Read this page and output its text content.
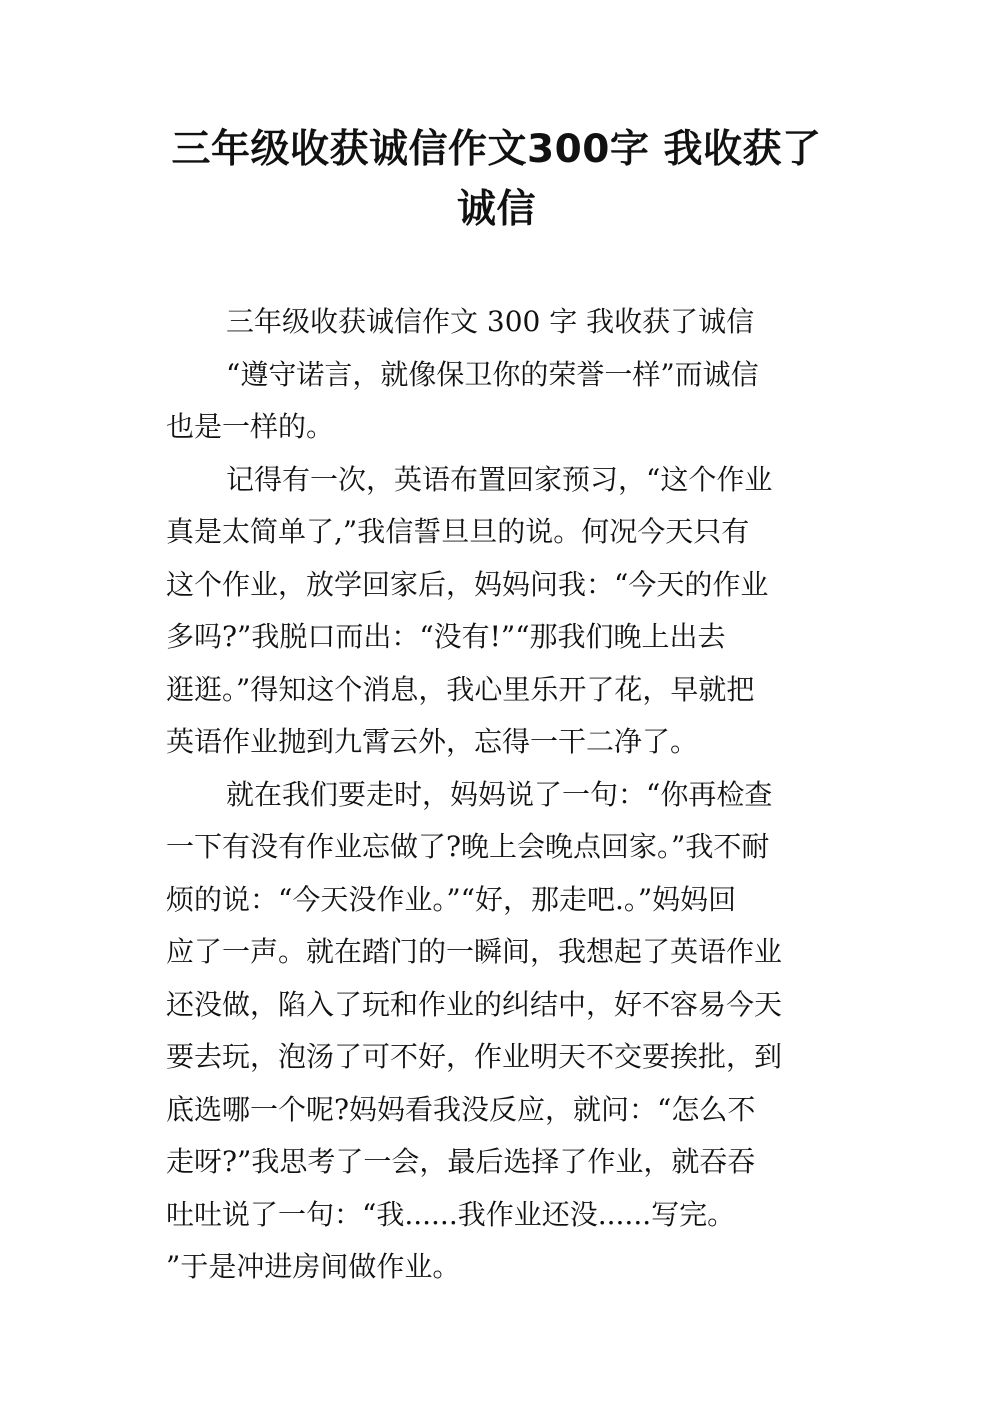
三年级收获诚信作文300字 我收获了
诚信
三年级收获诚信作文 300 字 我收获了诚信
“遵守诺言，就像保卫你的荣誉一样”而诚信
也是一样的。
记得有一次，英语布置回家预习，“这个作业
真是太简单了,”我信誓旦旦的说。何况今天只有
这个作业，放学回家后，妈妈问我：“今天的作业
多吗?”我脱口而出：“没有!”“那我们晚上出去
逛逛。”得知这个消息，我心里乐开了花，早就把
英语作业抛到九霄云外，忘得一干二净了。
就在我们要走时，妈妈说了一句：“你再检查
一下有没有作业忘做了?晚上会晚点回家。”我不耐
烦的说：“今天没作业。”“好，那走吧.。”妈妈回
应了一声。就在踏门的一瞬间，我想起了英语作业
还没做，陷入了玩和作业的纠结中，好不容易今天
要去玩，泡汤了可不好，作业明天不交要挨批，到
底选哪一个呢?妈妈看我没反应，就问：“怎么不
走呀?”我思考了一会，最后选择了作业，就吞吞
吐吐说了一句：“我......我作业还没......写完。
”于是冲进房间做作业。
